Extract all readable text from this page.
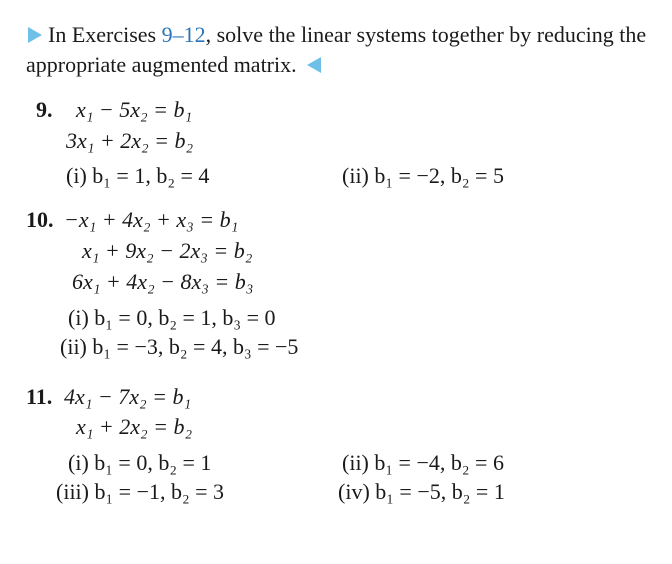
In Exercises 9–12, solve the linear systems together by reducing the appropriate augmented matrix.
9. x₁ − 5x₂ = b₁
3x₁ + 2x₂ = b₂
(i) b₁ = 1, b₂ = 4	(ii) b₁ = −2, b₂ = 5
10. −x₁ + 4x₂ + x₃ = b₁
x₁ + 9x₂ − 2x₃ = b₂
6x₁ + 4x₂ − 8x₃ = b₃
(i) b₁ = 0, b₂ = 1, b₃ = 0
(ii) b₁ = −3, b₂ = 4, b₃ = −5
11. 4x₁ − 7x₂ = b₁
x₁ + 2x₂ = b₂
(i) b₁ = 0, b₂ = 1	(ii) b₁ = −4, b₂ = 6
(iii) b₁ = −1, b₂ = 3	(iv) b₁ = −5, b₂ = 1
